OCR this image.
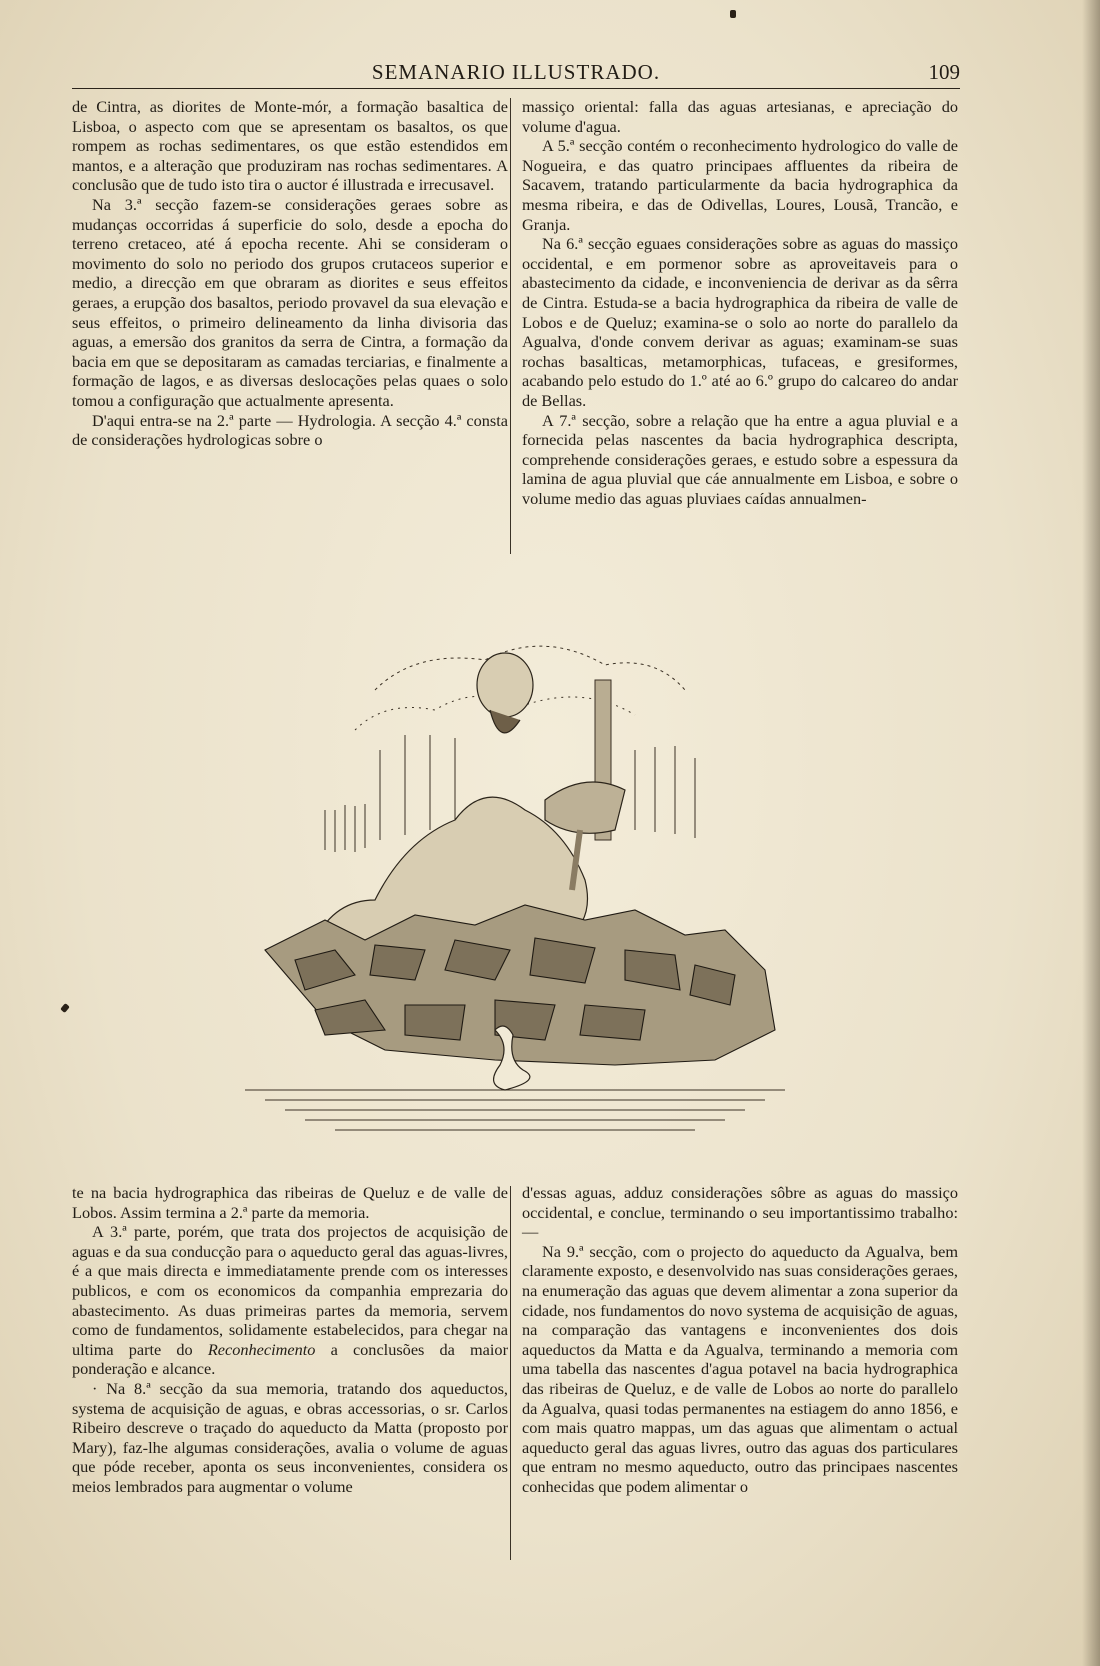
SEMANARIO ILLUSTRADO.	109

de Cintra, as diorites de Monte-mór, a formação basaltica de Lisboa, o aspecto com que se apresentam os basaltos, os que rompem as rochas sedimentares, os que estão estendidos em mantos, e a alteração que produziram nas rochas sedimentares. A conclusão que de tudo isto tira o auctor é illustrada e irrecusavel.

Na 3.ª secção fazem-se considerações geraes sobre as mudanças occorridas á superficie do solo, desde a epocha do terreno cretaceo, até á epocha recente. Ahi se consideram o movimento do solo no periodo dos grupos crutaceos superior e medio, a direcção em que obraram as diorites e seus effeitos geraes, a erupção dos basaltos, periodo provavel da sua elevação e seus effeitos, o primeiro delineamento da linha divisoria das aguas, a emersão dos granitos da serra de Cintra, a formação da bacia em que se depositaram as camadas terciarias, e finalmente a formação de lagos, e as diversas deslocações pelas quaes o solo tomou a configuração que actualmente apresenta.

D'aqui entra-se na 2.ª parte — Hydrologia. A secção 4.ª consta de considerações hydrologicas sobre o

massiço oriental: falla das aguas artesianas, e apreciação do volume d'agua.

A 5.ª secção contém o reconhecimento hydrologico do valle de Nogueira, e das quatro principaes affluentes da ribeira de Sacavem, tratando particularmente da bacia hydrographica da mesma ribeira, e das de Odivellas, Loures, Lousã, Trancão, e Granja.

Na 6.ª secção eguaes considerações sobre as aguas do massiço occidental, e em pormenor sobre as aproveitaveis para o abastecimento da cidade, e inconveniencia de derivar as da sêrra de Cintra. Estuda-se a bacia hydrographica da ribeira de valle de Lobos e de Queluz; examina-se o solo ao norte do parallelo da Agualva, d'onde convem derivar as aguas; examinam-se suas rochas basalticas, metamorphicas, tufaceas, e gresiformes, acabando pelo estudo do 1.º até ao 6.º grupo do calcareo do andar de Bellas.

A 7.ª secção, sobre a relação que ha entre a agua pluvial e a fornecida pelas nascentes da bacia hydrographica descripta, comprehende considerações geraes, e estudo sobre a espessura da lamina de agua pluvial que cáe annualmente em Lisboa, e sobre o volume medio das aguas pluviaes caídas annualmen-

te na bacia hydrographica das ribeiras de Queluz e de valle de Lobos. Assim termina a 2.ª parte da memoria.

A 3.ª parte, porém, que trata dos projectos de acquisição de aguas e da sua conducção para o aqueducto geral das aguas-livres, é a que mais directa e immediatamente prende com os interesses publicos, e com os economicos da companhia emprezaria do abastecimento. As duas primeiras partes da memoria, servem como de fundamentos, solidamente estabelecidos, para chegar na ultima parte do Reconhecimento a conclusões da maior ponderação e alcance.

· Na 8.ª secção da sua memoria, tratando dos aqueductos, systema de acquisição de aguas, e obras accessorias, o sr. Carlos Ribeiro descreve o traçado do aqueducto da Matta (proposto por Mary), faz-lhe algumas considerações, avalia o volume de aguas que póde receber, aponta os seus inconvenientes, considera os meios lembrados para augmentar o volume

d'essas aguas, adduz considerações sôbre as aguas do massiço occidental, e conclue, terminando o seu importantissimo trabalho: —

Na 9.ª secção, com o projecto do aqueducto da Agualva, bem claramente exposto, e desenvolvido nas suas considerações geraes, na enumeração das aguas que devem alimentar a zona superior da cidade, nos fundamentos do novo systema de acquisição de aguas, na comparação das vantagens e inconvenientes dos dois aqueductos da Matta e da Agualva, terminando a memoria com uma tabella das nascentes d'agua potavel na bacia hydrographica das ribeiras de Queluz, e de valle de Lobos ao norte do parallelo da Agualva, quasi todas permanentes na estiagem do anno 1856, e com mais quatro mappas, um das aguas que alimentam o actual aqueducto geral das aguas livres, outro das aguas dos particulares que entram no mesmo aqueducto, outro das principaes nascentes conhecidas que podem alimentar o
